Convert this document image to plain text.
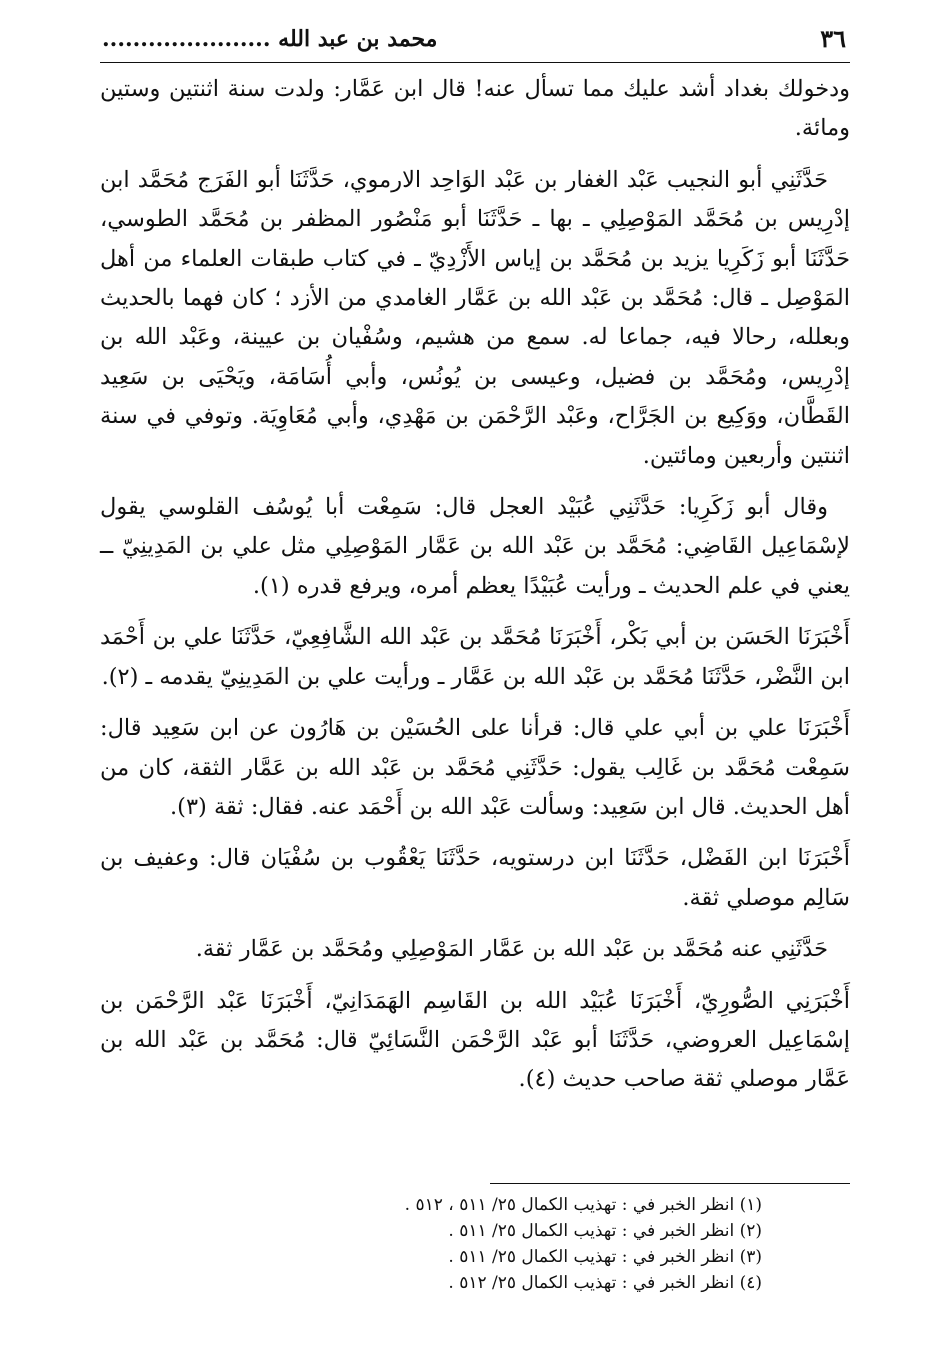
٣٦
محمد بن عبد الله ......................

ودخولك بغداد أشد عليك مما تسأل عنه! قال ابن عَمَّار: ولدت سنة اثنتين وستين ومائة.

حَدَّثَنِي أبو النجيب عَبْد الغفار بن عَبْد الوَاحِد الارموي، حَدَّثَنَا أبو الفَرَج مُحَمَّد ابن إدْرِيس بن مُحَمَّد المَوْصِلِي ـ بها ـ حَدَّثَنَا أبو مَنْصُور المظفر بن مُحَمَّد الطوسي، حَدَّثَنَا أبو زَكَرِيا يزيد بن مُحَمَّد بن إياس الأَزْدِيّ ـ في كتاب طبقات العلماء من أهل المَوْصِل ـ قال: مُحَمَّد بن عَبْد الله بن عَمَّار الغامدي من الأزد ؛ كان فهما بالحديث وبعلله، رحالا فيه، جماعا له. سمع من هشيم، وسُفْيان بن عيينة، وعَبْد الله بن إدْرِيس، ومُحَمَّد بن فضيل، وعيسى بن يُونُس، وأبي أُسَامَة، ويَحْيَى بن سَعِيد القَطَّان، ووَكِيع بن الجَرَّاح، وعَبْد الرَّحْمَن بن مَهْدِي، وأبي مُعَاوِيَة. وتوفي في سنة اثنتين وأربعين ومائتين.

وقال أبو زَكَرِيا: حَدَّثَنِي عُبَيْد العجل قال: سَمِعْت أبا يُوسُف القلوسي يقول لإسْمَاعِيل القَاضِي: مُحَمَّد بن عَبْد الله بن عَمَّار المَوْصِلِي مثل علي بن المَدِينِيّ ــ يعني في علم الحديث ـ ورأيت عُبَيْدًا يعظم أمره، ويرفع قدره (١).

أَخْبَرَنَا الحَسَن بن أبي بَكْر، أَخْبَرَنَا مُحَمَّد بن عَبْد الله الشَّافِعِيّ، حَدَّثَنَا علي بن أَحْمَد ابن النَّضْر، حَدَّثَنَا مُحَمَّد بن عَبْد الله بن عَمَّار ـ ورأيت علي بن المَدِينِيّ يقدمه ـ (٢).

أَخْبَرَنَا علي بن أبي علي قال: قرأنا على الحُسَيْن بن هَارُون عن ابن سَعِيد قال: سَمِعْت مُحَمَّد بن غَالِب يقول: حَدَّثَنِي مُحَمَّد بن عَبْد الله بن عَمَّار الثقة، كان من أهل الحديث. قال ابن سَعِيد: وسألت عَبْد الله بن أَحْمَد عنه. فقال: ثقة (٣).

أَخْبَرَنَا ابن الفَضْل، حَدَّثَنَا ابن درستويه، حَدَّثَنَا يَعْقُوب بن سُفْيَان قال: وعفيف بن سَالِم موصلي ثقة.

حَدَّثَنِي عنه مُحَمَّد بن عَبْد الله بن عَمَّار المَوْصِلِي ومُحَمَّد بن عَمَّار ثقة.

أَخْبَرَنِي الصُّورِيّ، أَخْبَرَنَا عُبَيْد الله بن القَاسِم الهَمَدَانِيّ، أَخْبَرَنَا عَبْد الرَّحْمَن بن إسْمَاعِيل العروضي، حَدَّثَنَا أبو عَبْد الرَّحْمَن النَّسَائِيّ قال: مُحَمَّد بن عَبْد الله بن عَمَّار موصلي ثقة صاحب حديث (٤).

(١) انظر الخبر في : تهذيب الكمال ٢٥/ ٥١١ ، ٥١٢ .
(٢) انظر الخبر في : تهذيب الكمال ٢٥/ ٥١١ .
(٣) انظر الخبر في : تهذيب الكمال ٢٥/ ٥١١ .
(٤) انظر الخبر في : تهذيب الكمال ٢٥/ ٥١٢ .
